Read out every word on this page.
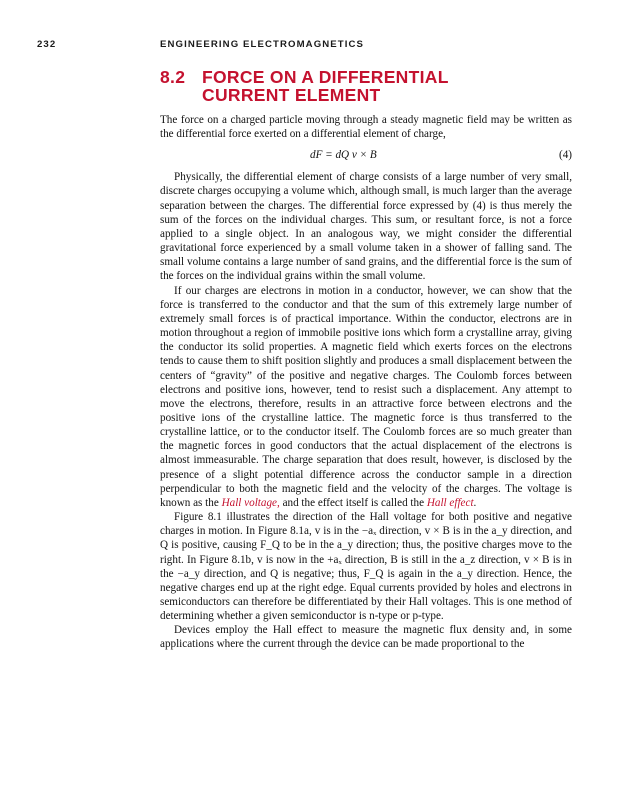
232	ENGINEERING ELECTROMAGNETICS
8.2 FORCE ON A DIFFERENTIAL
CURRENT ELEMENT

The force on a charged particle moving through a steady magnetic field may be written as the differential force exerted on a differential element of charge,

dF = dQ v × B	(4)

Physically, the differential element of charge consists of a large number of very small, discrete charges occupying a volume which, although small, is much larger than the average separation between the charges. The differential force expressed by (4) is thus merely the sum of the forces on the individual charges. This sum, or resultant force, is not a force applied to a single object. In an analogous way, we might consider the differential gravitational force experienced by a small volume taken in a shower of falling sand. The small volume contains a large number of sand grains, and the differential force is the sum of the forces on the individual grains within the small volume.

If our charges are electrons in motion in a conductor, however, we can show that the force is transferred to the conductor and that the sum of this extremely large number of extremely small forces is of practical importance. Within the conductor, electrons are in motion throughout a region of immobile positive ions which form a crystalline array, giving the conductor its solid properties. A magnetic field which exerts forces on the electrons tends to cause them to shift position slightly and produces a small displacement between the centers of “gravity” of the positive and negative charges. The Coulomb forces between electrons and positive ions, however, tend to resist such a displacement. Any attempt to move the electrons, therefore, results in an attractive force between electrons and the positive ions of the crystalline lattice. The magnetic force is thus transferred to the crystalline lattice, or to the conductor itself. The Coulomb forces are so much greater than the magnetic forces in good conductors that the actual displacement of the electrons is almost immeasurable. The charge separation that does result, however, is disclosed by the presence of a slight potential difference across the conductor sample in a direction perpendicular to both the magnetic field and the velocity of the charges. The voltage is known as the Hall voltage, and the effect itself is called the Hall effect.

Figure 8.1 illustrates the direction of the Hall voltage for both positive and negative charges in motion. In Figure 8.1a, v is in the −aₓ direction, v × B is in the a_y direction, and Q is positive, causing F_Q to be in the a_y direction; thus, the positive charges move to the right. In Figure 8.1b, v is now in the +aₓ direction, B is still in the a_z direction, v × B is in the −a_y direction, and Q is negative; thus, F_Q is again in the a_y direction. Hence, the negative charges end up at the right edge. Equal currents provided by holes and electrons in semiconductors can therefore be differentiated by their Hall voltages. This is one method of determining whether a given semiconductor is n-type or p-type.

Devices employ the Hall effect to measure the magnetic flux density and, in some applications where the current through the device can be made proportional to the
